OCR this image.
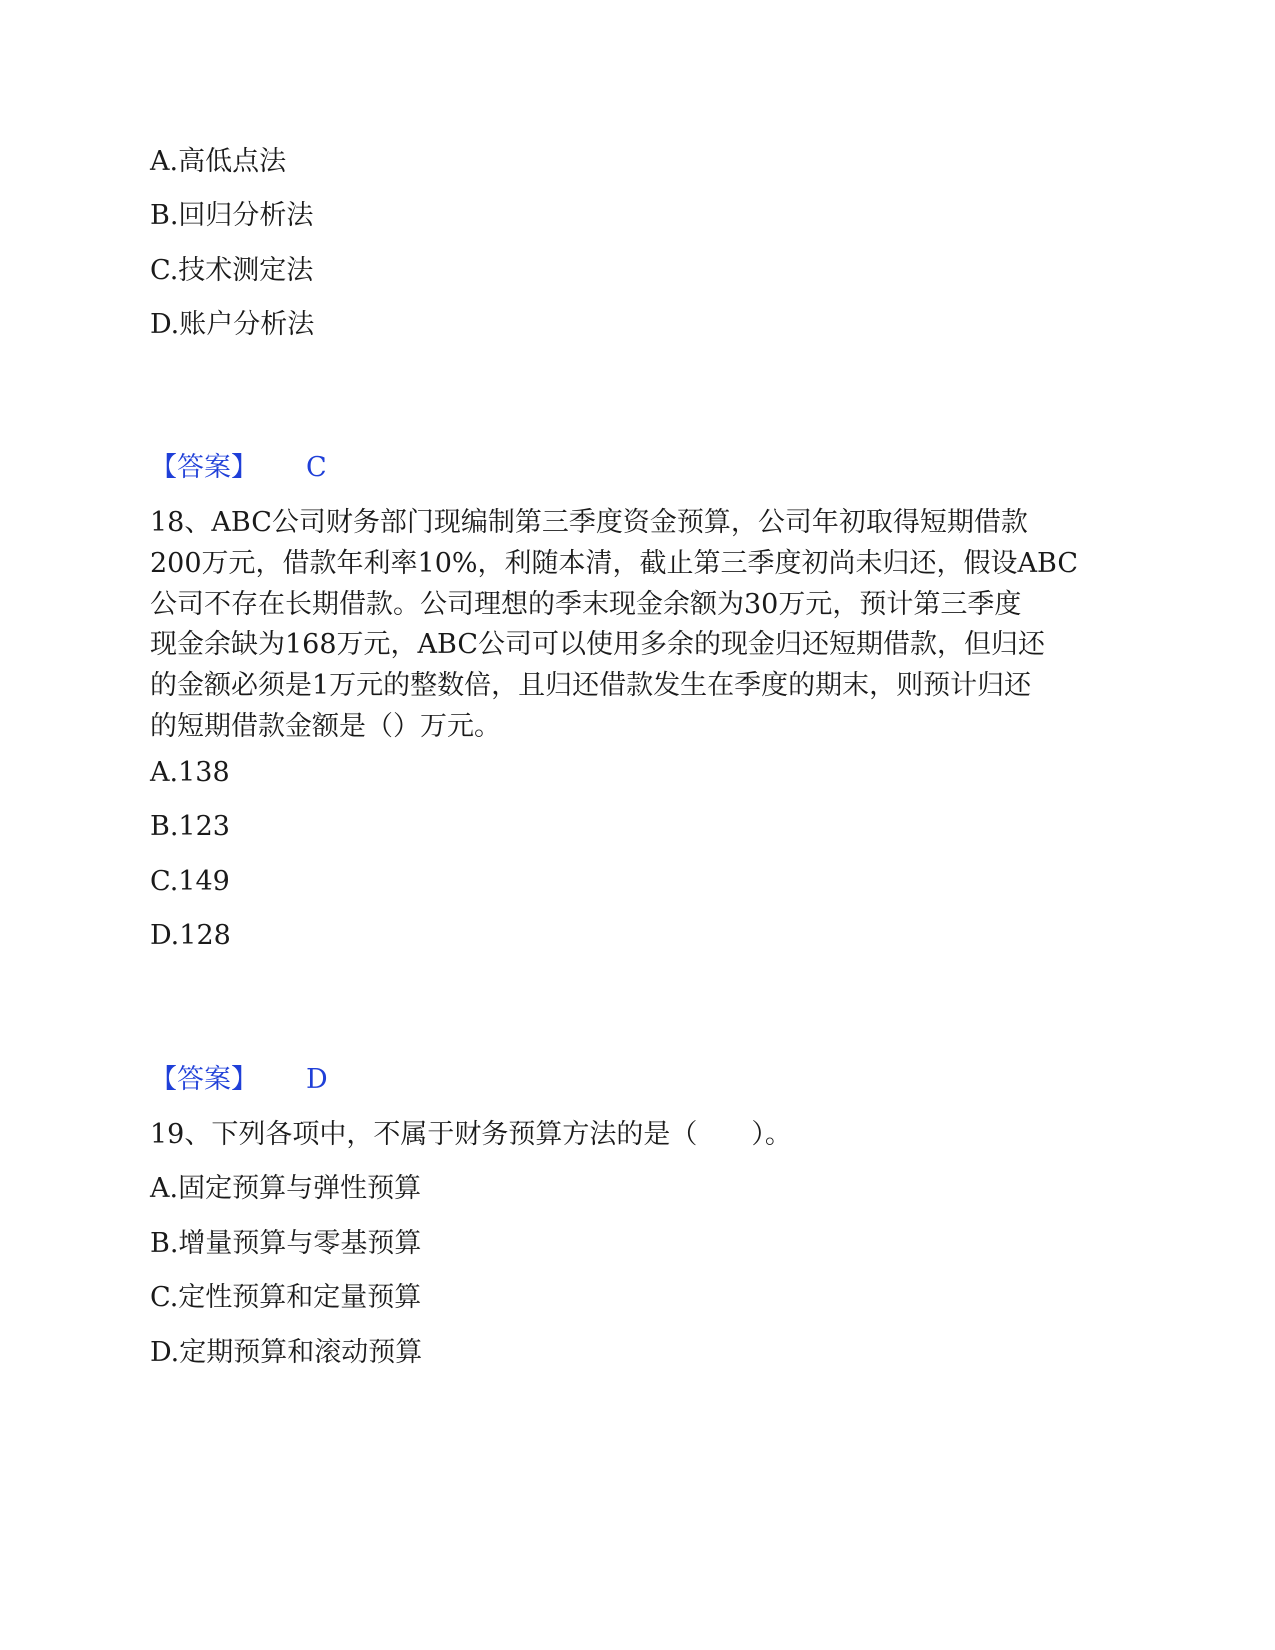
A.高低点法
B.回归分析法
C.技术测定法
D.账户分析法
【答案】 C
18、ABC公司财务部门现编制第三季度资金预算，公司年初取得短期借款
200万元，借款年利率10%，利随本清，截止第三季度初尚未归还，假设ABC
公司不存在长期借款。公司理想的季末现金余额为30万元，预计第三季度
现金余缺为168万元，ABC公司可以使用多余的现金归还短期借款，但归还
的金额必须是1万元的整数倍，且归还借款发生在季度的期末，则预计归还
的短期借款金额是（）万元。
A.138
B.123
C.149
D.128
【答案】 D
19、下列各项中，不属于财务预算方法的是（　　）。
A.固定预算与弹性预算
B.增量预算与零基预算
C.定性预算和定量预算
D.定期预算和滚动预算
